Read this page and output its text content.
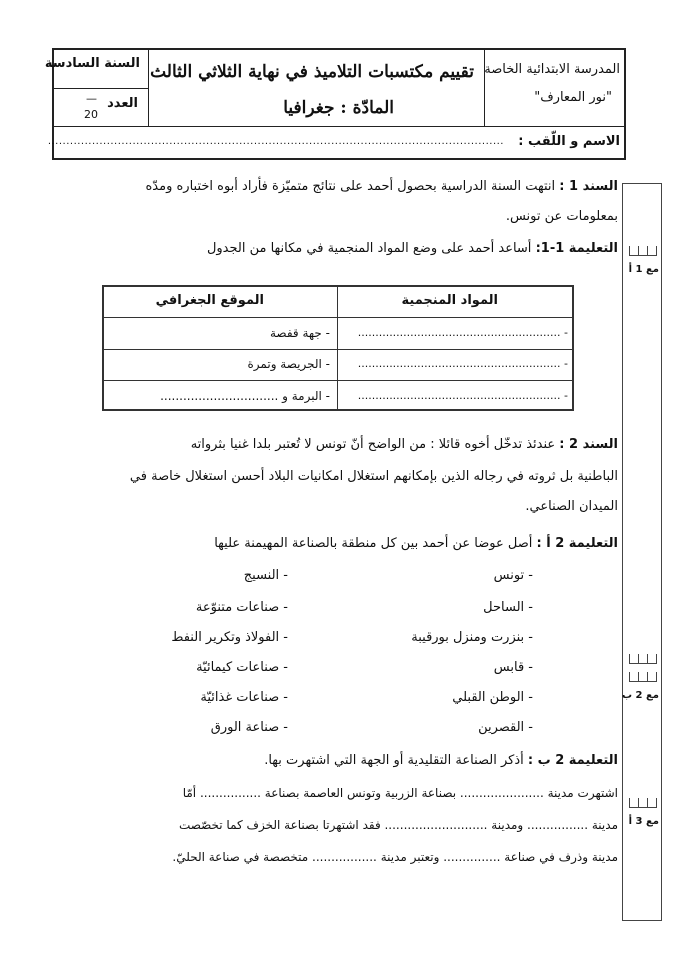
المدرسة الابتدائية الخاصة
"نور المعارف"
تقييم مكتسبات التلاميذ في نهاية الثلاثي الثالث
المادّة : جغرافيا
السنة السادسة
العدد
—
20
الاسم و اللّقب :
............................................................................................................................
مع 1 أ
مع 2 ب
مع 3 أ
السند 1 : انتهت السنة الدراسية بحصول أحمد على نتائج متميّزة فأراد أبوه اختباره ومدّه
بمعلومات عن تونس.
التعليمة 1-1: أساعد أحمد على وضع المواد المنجمية في مكانها من الجدول
المواد المنجمية
الموقع الجغرافي
- ..........................................................
- جهة قفصة
- ..........................................................
- الجريصة وتمرة
- ..........................................................
- البرمة و ...............................
السند 2 : عندئذ تدخّل أخوه قائلا : من الواضح أنّ تونس لا تُعتبر بلدا غنيا بثرواته
الباطنية بل ثروته في رجاله الذين بإمكانهم استغلال امكانيات البلاد أحسن استغلال خاصة في
الميدان الصناعي.
التعليمة 2 أ : أصل عوضا عن أحمد بين كل منطقة بالصناعة المهيمنة عليها
- تونس
- النسيج
- الساحل
- صناعات متنوّعة
- بنزرت ومنزل بورقيبة
- الفولاذ وتكرير النفط
- قابس
- صناعات كيمائيّة
- الوطن القبلي
- صناعات غذائيّة
- القصرين
- صناعة الورق
التعليمة 2 ب : أذكر الصناعة التقليدية أو الجهة التي اشتهرت بها.
اشتهرت مدينة ...................... بصناعة الزربية وتونس العاصمة بصناعة ................ أمّا
مدينة ................ ومدينة ........................... فقد اشتهرتا بصناعة الخزف كما تخصّصت
مدينة وذرف في صناعة ............... وتعتبر مدينة ................. متخصصة في صناعة الحليّ.
